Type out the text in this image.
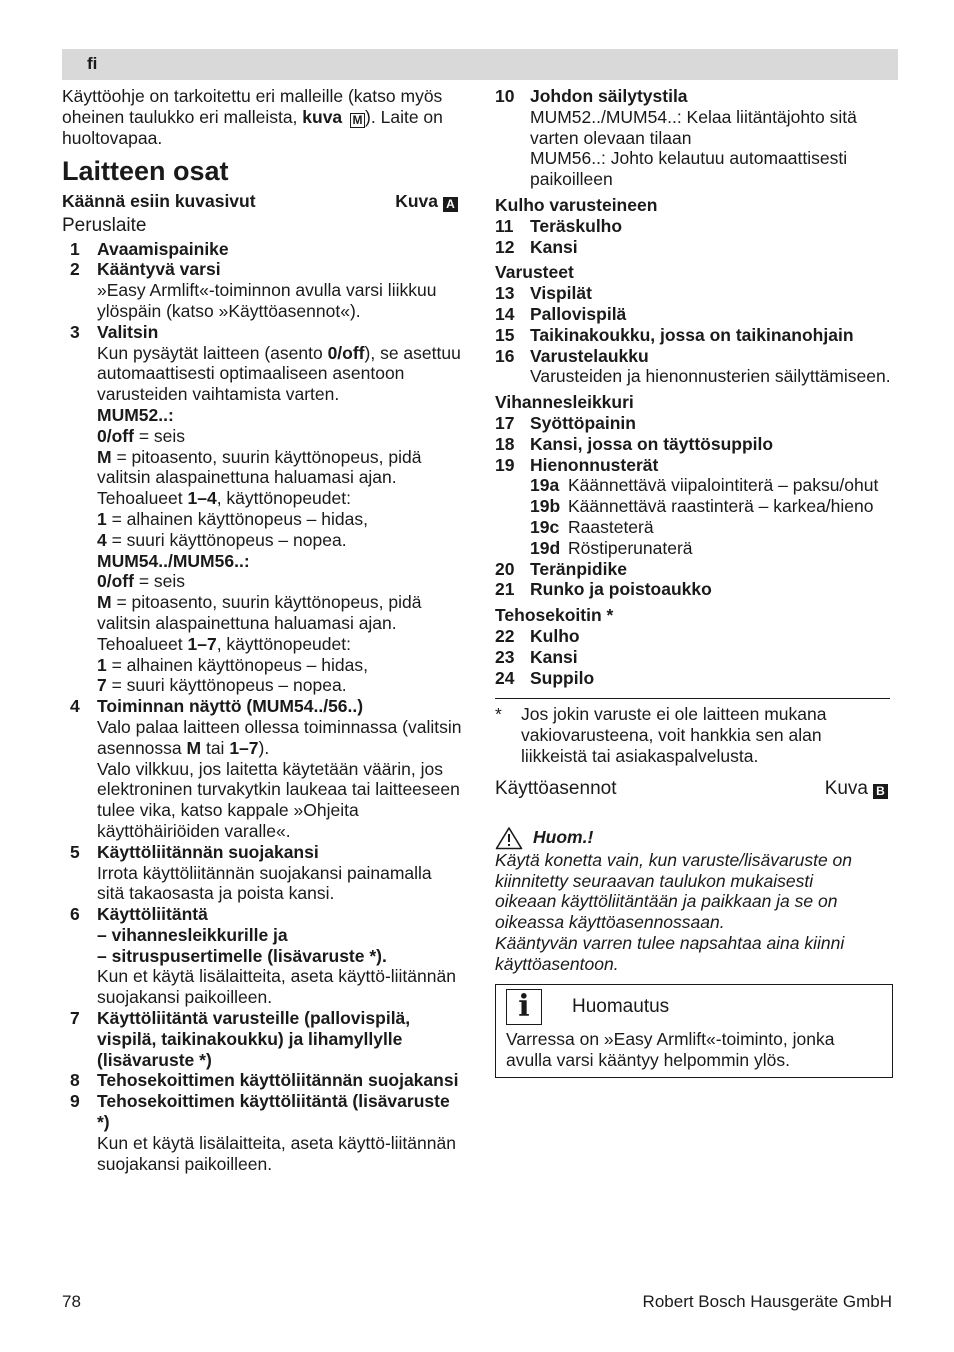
fi

Käyttöohje on tarkoitettu eri malleille (katso myös oheinen taulukko eri malleista, kuva M ). Laite on huoltovapaa.

Laitteen osat
Käännä esiin kuvasivut	Kuva A
Peruslaite
1 Avaamispainike
2 Kääntyvä varsi
»Easy Armlift«-toiminnon avulla varsi liikkuu ylöspäin (katso »Käyttöasennot«).
3 Valitsin
Kun pysäytät laitteen (asento 0/off), se asettuu automaattisesti optimaaliseen asentoon varusteiden vaihtamista varten.
MUM52..:
0/off = seis
M = pitoasento, suurin käyttönopeus, pidä valitsin alaspainettuna haluamasi ajan.
Tehoalueet 1–4, käyttönopeudet:
1 = alhainen käyttönopeus – hidas,
4 = suuri käyttönopeus – nopea.
MUM54../MUM56..:
0/off = seis
M = pitoasento, suurin käyttönopeus, pidä valitsin alaspainettuna haluamasi ajan.
Tehoalueet 1–7, käyttönopeudet:
1 = alhainen käyttönopeus – hidas,
7 = suuri käyttönopeus – nopea.
4 Toiminnan näyttö (MUM54../56..)
Valo palaa laitteen ollessa toiminnassa (valitsin asennossa M tai 1–7).
Valo vilkkuu, jos laitetta käytetään väärin, jos elektroninen turvakytkin laukeaa tai laitteeseen tulee vika, katso kappale »Ohjeita käyttöhäiriöiden varalle«.
5 Käyttöliitännän suojakansi
Irrota käyttöliitännän suojakansi painamalla sitä takaosasta ja poista kansi.
6 Käyttöliitäntä
– vihannesleikkurille ja
– sitruspusertimelle (lisävaruste *).
Kun et käytä lisälaitteita, aseta käyttö-liitännän suojakansi paikoilleen.
7 Käyttöliitäntä varusteille (pallovispilä, vispilä, taikinakoukku) ja lihamyllylle (lisävaruste *)
8 Tehosekoittimen käyttöliitännän suojakansi
9 Tehosekoittimen käyttöliitäntä (lisävaruste *)
Kun et käytä lisälaitteita, aseta käyttö-liitännän suojakansi paikoilleen.
10 Johdon säilytystila
MUM52../MUM54..: Kelaa liitäntäjohto sitä varten olevaan tilaan
MUM56..: Johto kelautuu automaattisesti paikoilleen
Kulho varusteineen
11 Teräskulho
12 Kansi
Varusteet
13 Vispilät
14 Pallovispilä
15 Taikinakoukku, jossa on taikinanohjain
16 Varustelaukku
Varusteiden ja hienonnusterien säilyttämiseen.
Vihannesleikkuri
17 Syöttöpainin
18 Kansi, jossa on täyttösuppilo
19 Hienonnusterät
19a Käännettävä viipalointiterä – paksu/ohut
19b Käännettävä raastinterä – karkea/hieno
19c Raasteterä
19d Röstiperunaterä
20 Teränpidike
21 Runko ja poistoaukko
Tehosekoitin *
22 Kulho
23 Kansi
24 Suppilo
*	Jos jokin varuste ei ole laitteen mukana vakiovarusteena, voit hankkia sen alan liikkeistä tai asiakaspalvelusta.
Käyttöasennot	Kuva B
Huom.!
Käytä konetta vain, kun varuste/lisävaruste on kiinnitetty seuraavan taulukon mukaisesti oikeaan käyttöliitäntään ja paikkaan ja se on oikeassa käyttöasennossaan.
Kääntyvän varren tulee napsahtaa aina kiinni käyttöasentoon.
i	Huomautus
Varressa on »Easy Armlift«-toiminto, jonka avulla varsi kääntyy helpommin ylös.
78	Robert Bosch Hausgeräte GmbH
